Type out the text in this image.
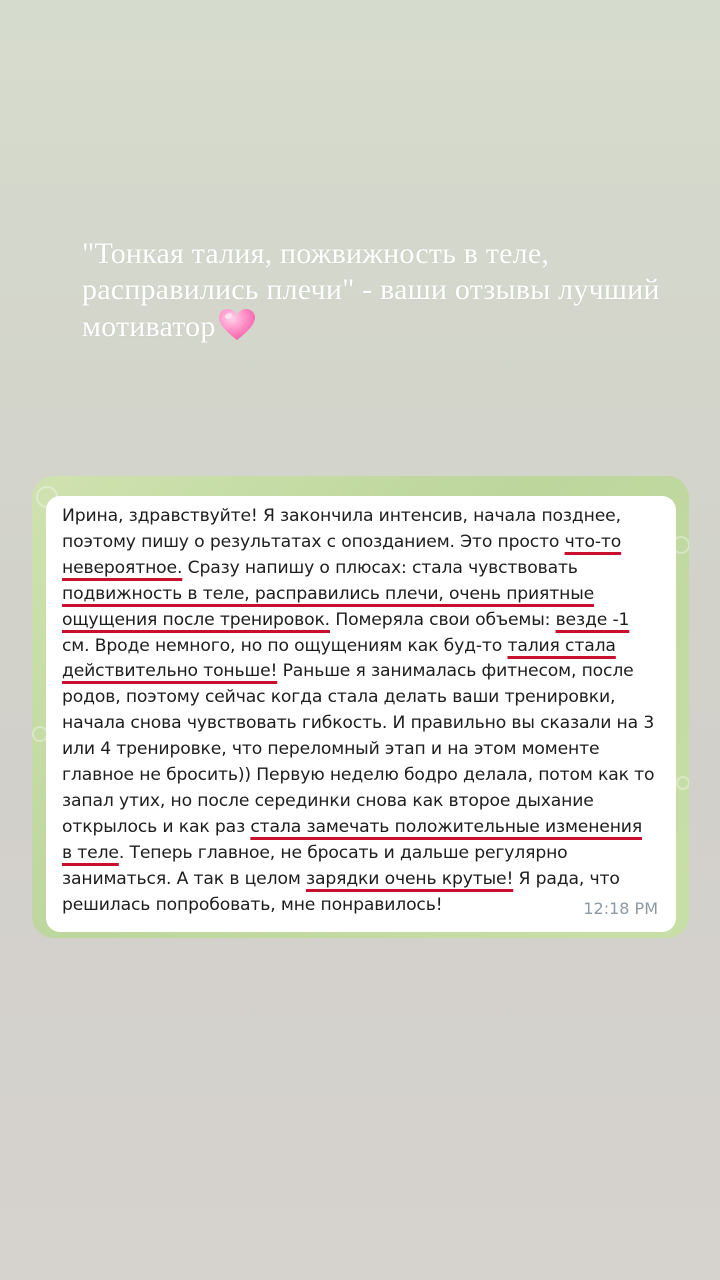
"Тонкая талия, пожвижность в теле, расправились плечи" - ваши отзывы лучший мотиватор

Ирина, здравствуйте! Я закончила интенсив, начала позднее, поэтому пишу о результатах с опозданием. Это просто что-то невероятное. Сразу напишу о плюсах: стала чувствовать подвижность в теле, расправились плечи, очень приятные ощущения после тренировок. Померяла свои объемы: везде -1 см. Вроде немного, но по ощущениям как буд-то талия стала действительно тоньше! Раньше я занималась фитнесом, после родов, поэтому сейчас когда стала делать ваши тренировки, начала снова чувствовать гибкость. И правильно вы сказали на 3 или 4 тренировке, что переломный этап и на этом моменте главное не бросить)) Первую неделю бодро делала, потом как то запал утих, но после серединки снова как второе дыхание открылось и как раз стала замечать положительные изменения в теле. Теперь главное, не бросать и дальше регулярно заниматься. А так в целом зарядки очень крутые! Я рада, что решилась попробовать, мне понравилось!	12:18 PM
